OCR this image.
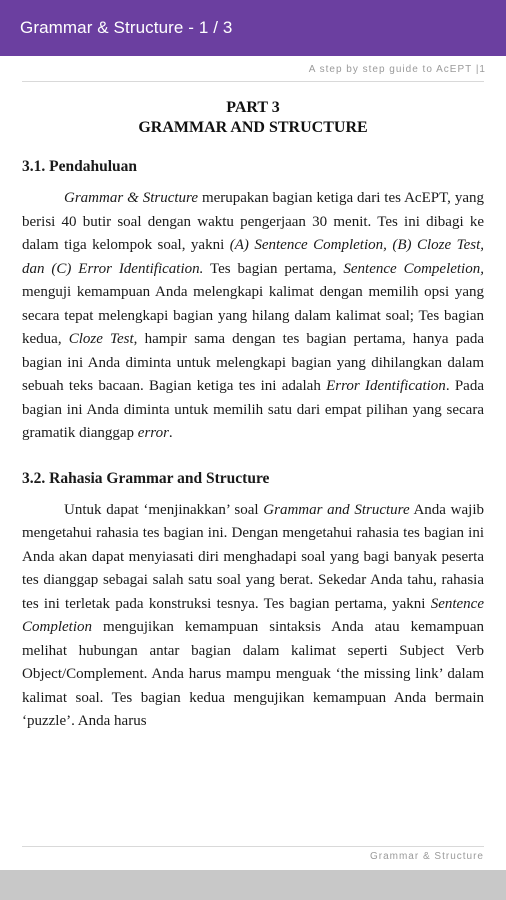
Grammar & Structure - 1 / 3
A step by step guide to AcEPT |1
PART 3
GRAMMAR AND STRUCTURE
3.1. Pendahuluan

Grammar & Structure merupakan bagian ketiga dari tes AcEPT, yang berisi 40 butir soal dengan waktu pengerjaan 30 menit. Tes ini dibagi ke dalam tiga kelompok soal, yakni (A) Sentence Completion, (B) Cloze Test, dan (C) Error Identification. Tes bagian pertama, Sentence Compeletion, menguji kemampuan Anda melengkapi kalimat dengan memilih opsi yang secara tepat melengkapi bagian yang hilang dalam kalimat soal; Tes bagian kedua, Cloze Test, hampir sama dengan tes bagian pertama, hanya pada bagian ini Anda diminta untuk melengkapi bagian yang dihilangkan dalam sebuah teks bacaan. Bagian ketiga tes ini adalah Error Identification. Pada bagian ini Anda diminta untuk memilih satu dari empat pilihan yang secara gramatik dianggap error.

3.2. Rahasia Grammar and Structure

Untuk dapat ‘menjinakkan’ soal Grammar and Structure Anda wajib mengetahui rahasia tes bagian ini. Dengan mengetahui rahasia tes bagian ini Anda akan dapat menyiasati diri menghadapi soal yang bagi banyak peserta tes dianggap sebagai salah satu soal yang berat. Sekedar Anda tahu, rahasia tes ini terletak pada konstruksi tesnya. Tes bagian pertama, yakni Sentence Completion mengujikan kemampuan sintaksis Anda atau kemampuan melihat hubungan antar bagian dalam kalimat seperti Subject Verb Object/Complement. Anda harus mampu menguak ‘the missing link’ dalam kalimat soal. Tes bagian kedua mengujikan kemampuan Anda bermain ‘puzzle’. Anda harus

Grammar & Structure
